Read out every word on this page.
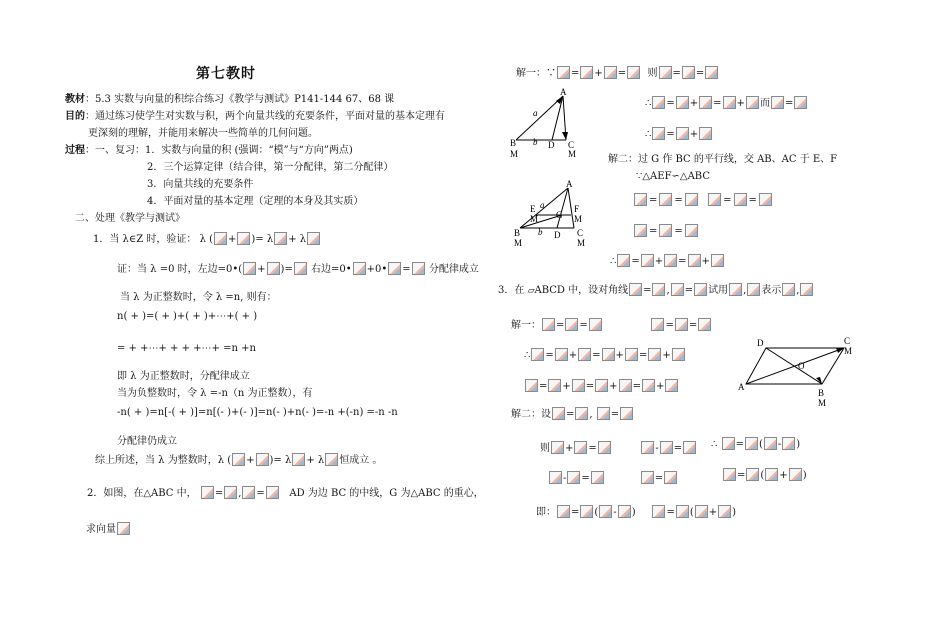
第七教时
教材：5.3 实数与向量的积综合练习《教学与测试》P141-144 67、68 课
目的：通过练习使学生对实数与积，两个向量共线的充要条件，平面对量的基本定理有
更深刻的理解，并能用来解决一些简单的几何问题。
过程：一、复习：1．实数与向量的积 (强调：“模”与“方向”两点)
2．三个运算定律（结合律，第一分配律，第二分配律）
3．向量共线的充要条件
4．平面对量的基本定理（定理的本身及其实质）
二、处理《教学与测试》
1．当 λ∈Z 时，验证： λ ( + )= λ + λ
证：当 λ =0 时，左边=0•( + )= 右边=0• +0• = 分配律成立
当 λ 为正整数时，令 λ =n, 则有：
n( + )=( + )+( + )+⋯+( + )
= + +⋯+ + + +⋯+ =n +n
即 λ 为正整数时，分配律成立
当为负整数时，令 λ =-n（n 为正整数），有
-n( + )=n[-( + )]=n[(- )+(- )]=n(- )+n(- )=-n +(-n) =-n -n
分配律仍成立
综上所述，当 λ 为整数时，λ ( + )= λ + λ 恒成立 。
2．如图，在△ABC 中， = , = AD 为边 BC 的中线，G 为△ABC 的重心，
求向量
解一：∵ = + = 则 = =
A
B
M
D C
M
a
b
∴ = + = + 而 =
∴ = +
解二：过 G 作 BC 的平行线，交 AB、AC 于 E、F
∵△AEF∽△ABC
A
E
M
F
M
G
B
M
D C
M
a
b
= =	= =
= =
∴ = + = +
3．在 ▱ABCD 中，设对角线 = , = 试用 , 表示 ,
解一： = =	= =
∴ = + = + = +
= + = + = +
D	C
M
O
A
B
M
解二：设 = , =
则 + =	- =	∴ = ( - )
- =	=	= ( + )
即： = ( - )     = ( + )
